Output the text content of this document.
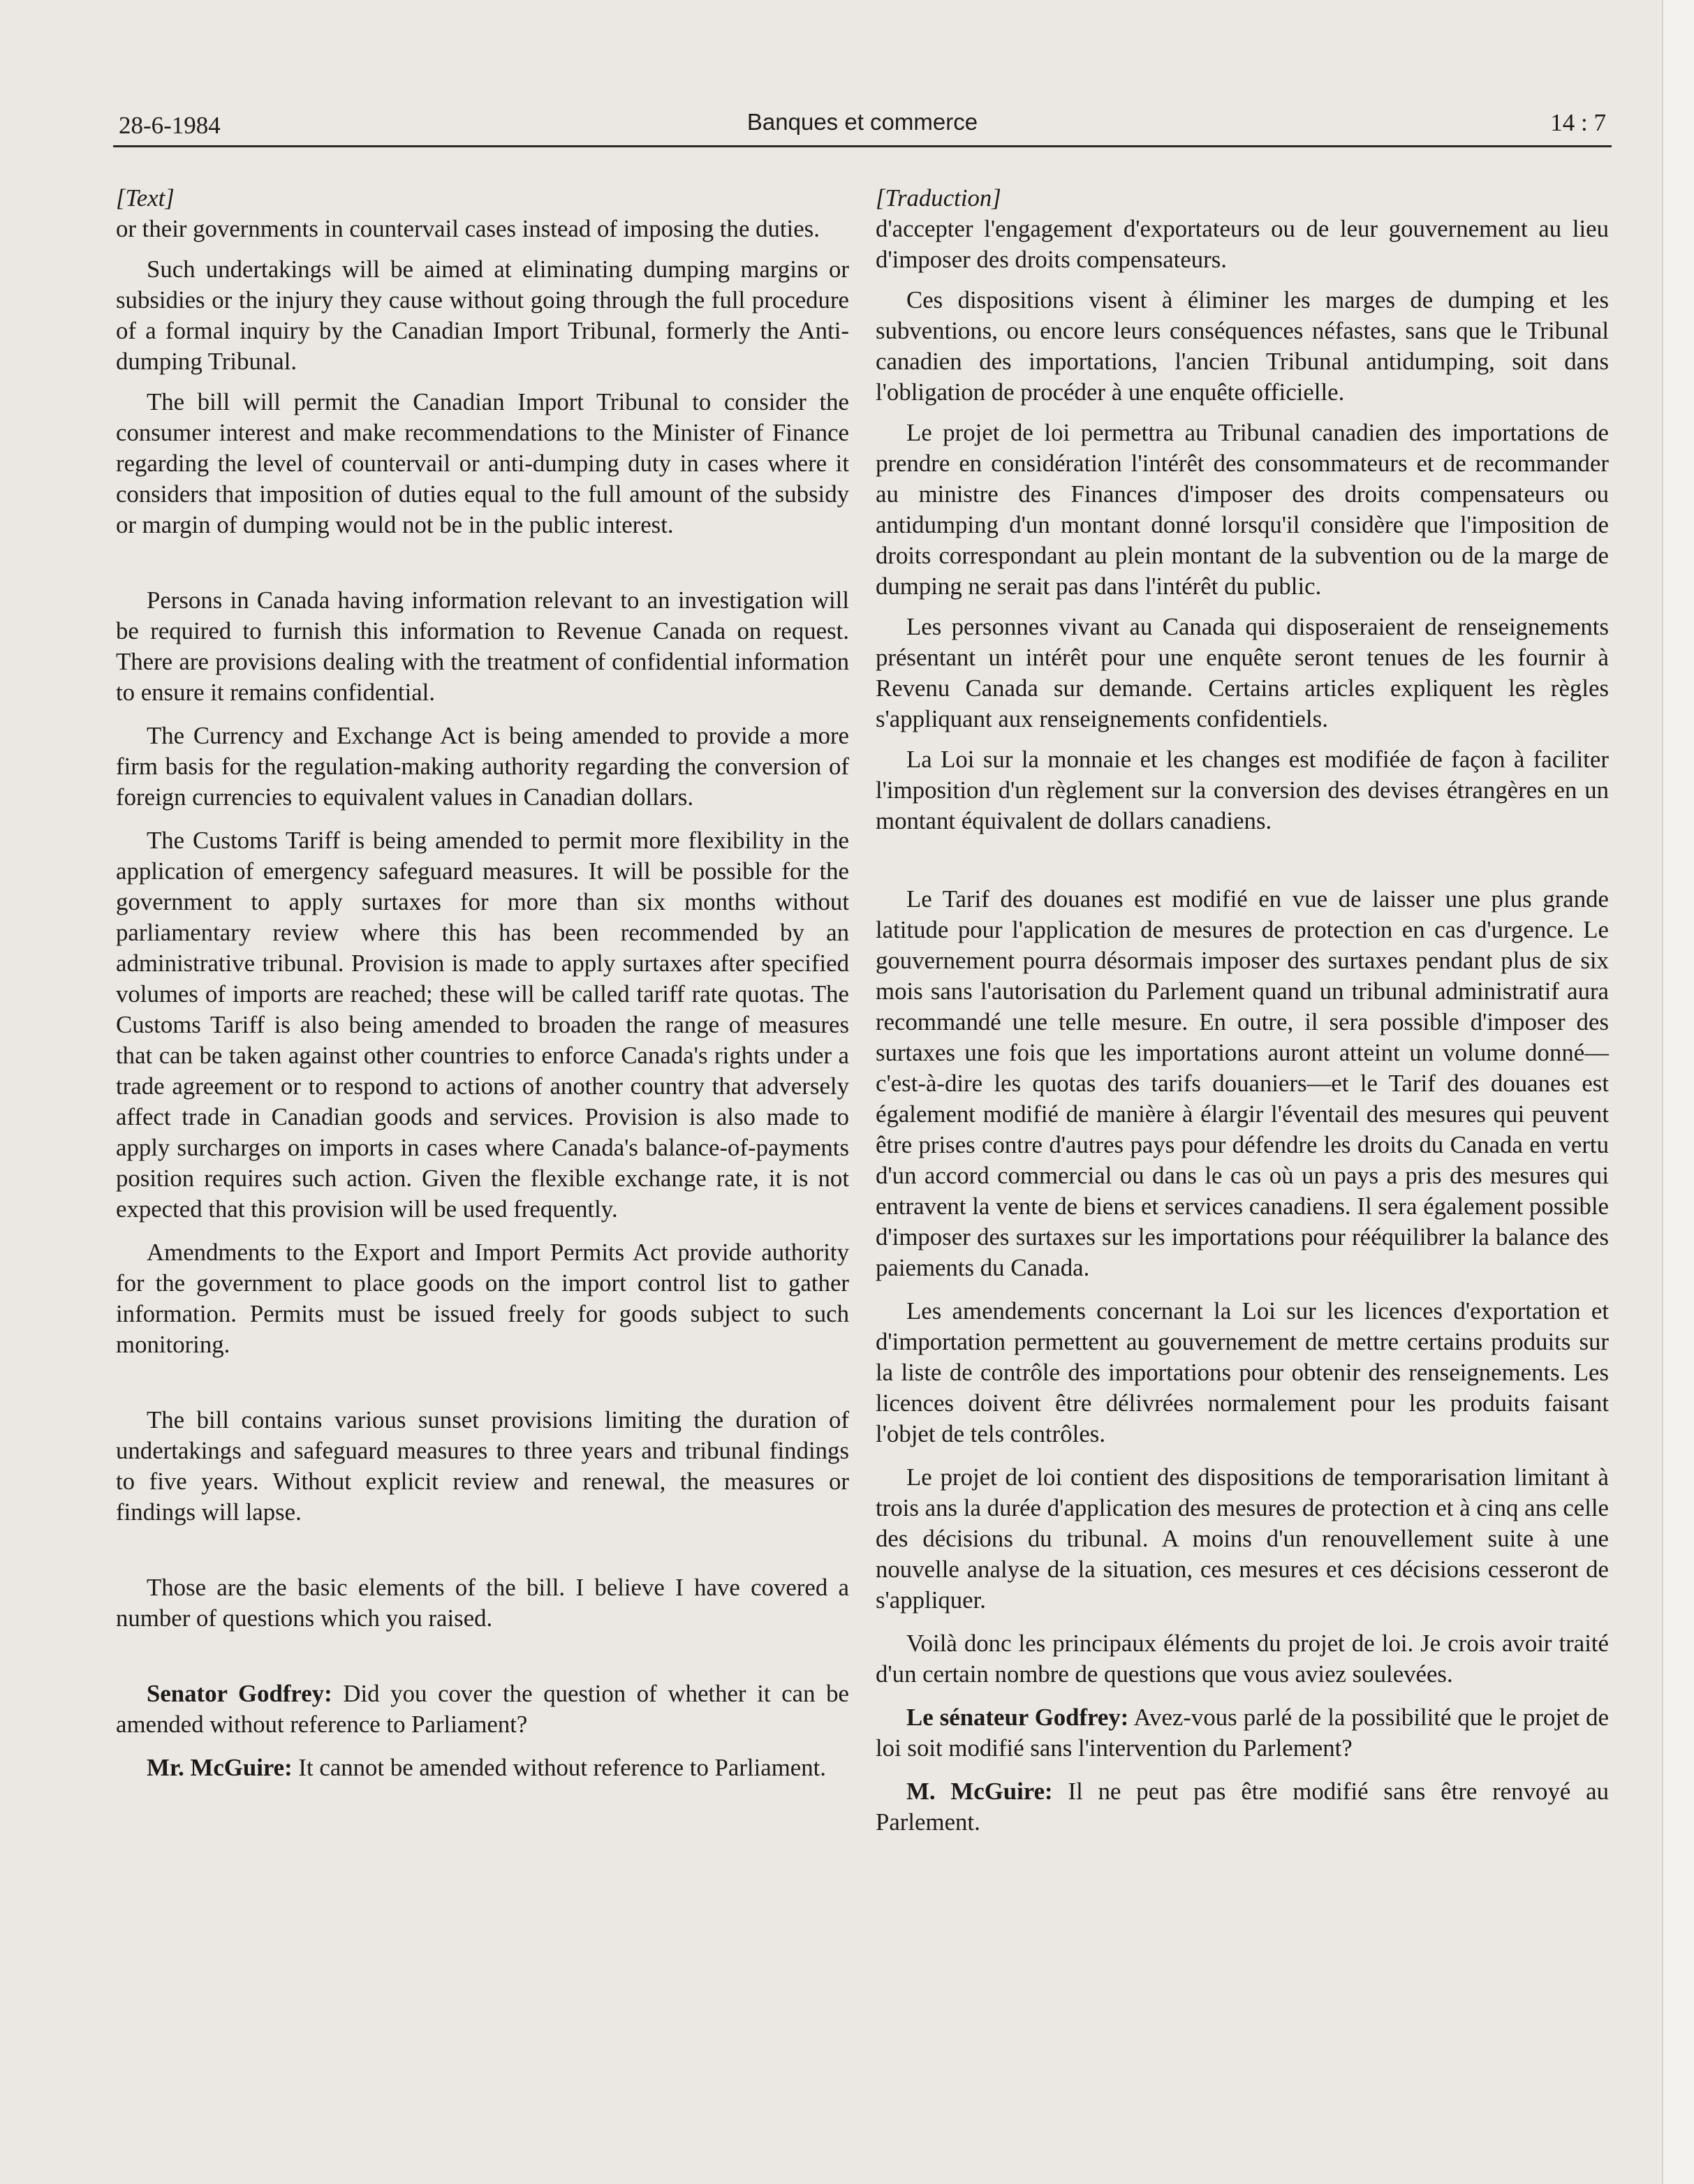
28-6-1984	Banques et commerce	14 : 7

[Text]

or their governments in countervail cases instead of imposing the duties.

Such undertakings will be aimed at eliminating dumping margins or subsidies or the injury they cause without going through the full procedure of a formal inquiry by the Canadian Import Tribunal, formerly the Anti-dumping Tribunal.

The bill will permit the Canadian Import Tribunal to consider the consumer interest and make recommendations to the Minister of Finance regarding the level of countervail or anti-dumping duty in cases where it considers that imposition of duties equal to the full amount of the subsidy or margin of dumping would not be in the public interest.

Persons in Canada having information relevant to an investigation will be required to furnish this information to Revenue Canada on request. There are provisions dealing with the treatment of confidential information to ensure it remains confidential.

The Currency and Exchange Act is being amended to provide a more firm basis for the regulation-making authority regarding the conversion of foreign currencies to equivalent values in Canadian dollars.

The Customs Tariff is being amended to permit more flexibility in the application of emergency safeguard measures. It will be possible for the government to apply surtaxes for more than six months without parliamentary review where this has been recommended by an administrative tribunal. Provision is made to apply surtaxes after specified volumes of imports are reached; these will be called tariff rate quotas. The Customs Tariff is also being amended to broaden the range of measures that can be taken against other countries to enforce Canada's rights under a trade agreement or to respond to actions of another country that adversely affect trade in Canadian goods and services. Provision is also made to apply surcharges on imports in cases where Canada's balance-of-payments position requires such action. Given the flexible exchange rate, it is not expected that this provision will be used frequently.

Amendments to the Export and Import Permits Act provide authority for the government to place goods on the import control list to gather information. Permits must be issued freely for goods subject to such monitoring.

The bill contains various sunset provisions limiting the duration of undertakings and safeguard measures to three years and tribunal findings to five years. Without explicit review and renewal, the measures or findings will lapse.

Those are the basic elements of the bill. I believe I have covered a number of questions which you raised.

Senator Godfrey: Did you cover the question of whether it can be amended without reference to Parliament?

Mr. McGuire: It cannot be amended without reference to Parliament.

[Traduction]

d'accepter l'engagement d'exportateurs ou de leur gouvernement au lieu d'imposer des droits compensateurs.

Ces dispositions visent à éliminer les marges de dumping et les subventions, ou encore leurs conséquences néfastes, sans que le Tribunal canadien des importations, l'ancien Tribunal antidumping, soit dans l'obligation de procéder à une enquête officielle.

Le projet de loi permettra au Tribunal canadien des importations de prendre en considération l'intérêt des consommateurs et de recommander au ministre des Finances d'imposer des droits compensateurs ou antidumping d'un montant donné lorsqu'il considère que l'imposition de droits correspondant au plein montant de la subvention ou de la marge de dumping ne serait pas dans l'intérêt du public.

Les personnes vivant au Canada qui disposeraient de renseignements présentant un intérêt pour une enquête seront tenues de les fournir à Revenu Canada sur demande. Certains articles expliquent les règles s'appliquant aux renseignements confidentiels.

La Loi sur la monnaie et les changes est modifiée de façon à faciliter l'imposition d'un règlement sur la conversion des devises étrangères en un montant équivalent de dollars canadiens.

Le Tarif des douanes est modifié en vue de laisser une plus grande latitude pour l'application de mesures de protection en cas d'urgence. Le gouvernement pourra désormais imposer des surtaxes pendant plus de six mois sans l'autorisation du Parlement quand un tribunal administratif aura recommandé une telle mesure. En outre, il sera possible d'imposer des surtaxes une fois que les importations auront atteint un volume donné—c'est-à-dire les quotas des tarifs douaniers—et le Tarif des douanes est également modifié de manière à élargir l'éventail des mesures qui peuvent être prises contre d'autres pays pour défendre les droits du Canada en vertu d'un accord commercial ou dans le cas où un pays a pris des mesures qui entravent la vente de biens et services canadiens. Il sera également possible d'imposer des surtaxes sur les importations pour rééquilibrer la balance des paiements du Canada.

Les amendements concernant la Loi sur les licences d'exportation et d'importation permettent au gouvernement de mettre certains produits sur la liste de contrôle des importations pour obtenir des renseignements. Les licences doivent être délivrées normalement pour les produits faisant l'objet de tels contrôles.

Le projet de loi contient des dispositions de temporarisation limitant à trois ans la durée d'application des mesures de protection et à cinq ans celle des décisions du tribunal. A moins d'un renouvellement suite à une nouvelle analyse de la situation, ces mesures et ces décisions cesseront de s'appliquer.

Voilà donc les principaux éléments du projet de loi. Je crois avoir traité d'un certain nombre de questions que vous aviez soulevées.

Le sénateur Godfrey: Avez-vous parlé de la possibilité que le projet de loi soit modifié sans l'intervention du Parlement?

M. McGuire: Il ne peut pas être modifié sans être renvoyé au Parlement.
